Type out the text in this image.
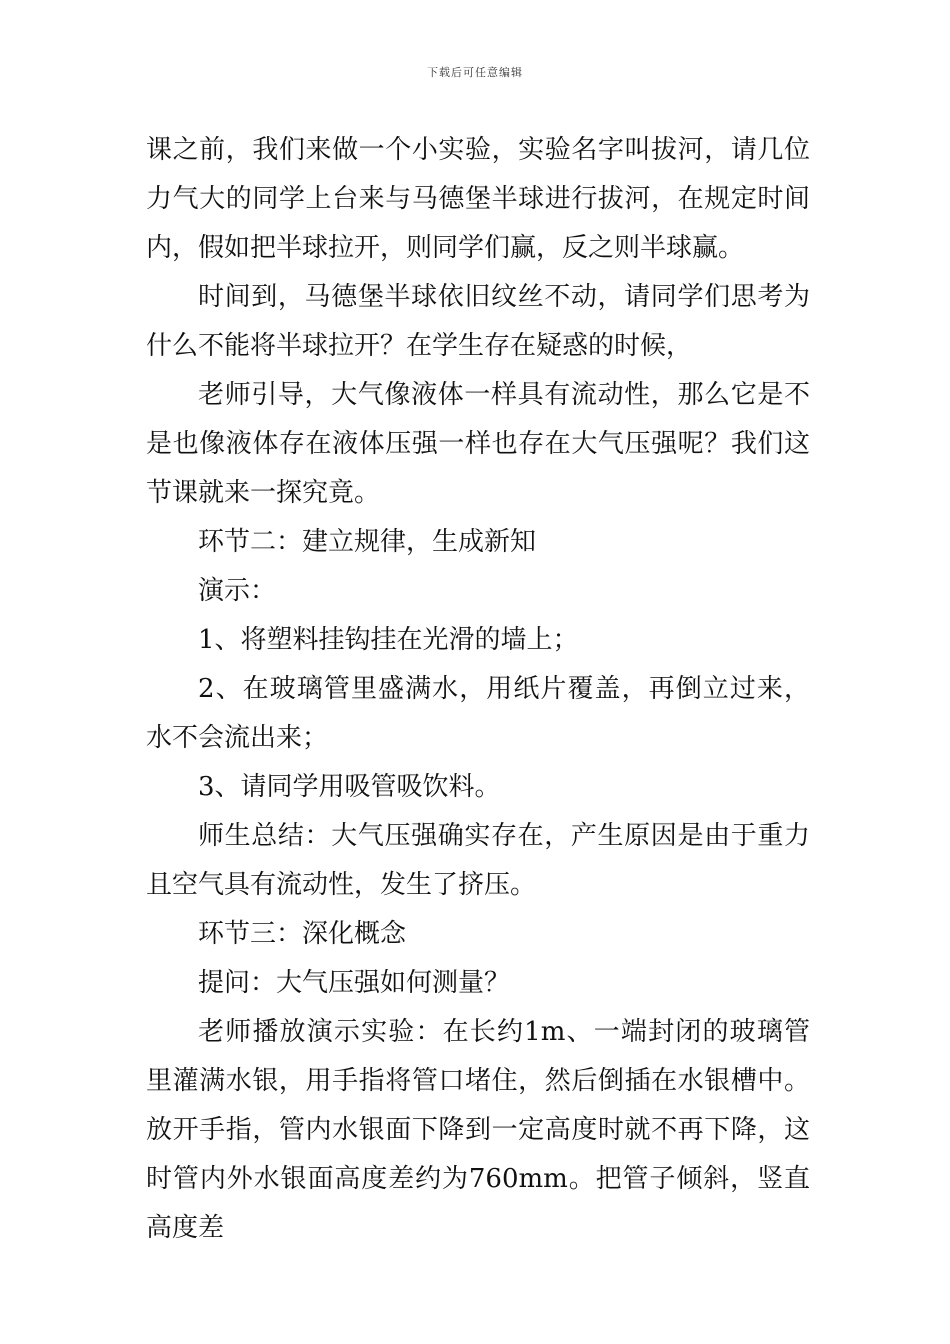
下载后可任意编辑

课之前，我们来做一个小实验，实验名字叫拔河，请几位力气大的同学上台来与马德堡半球进行拔河，在规定时间内，假如把半球拉开，则同学们赢，反之则半球赢。

时间到，马德堡半球依旧纹丝不动，请同学们思考为什么不能将半球拉开？在学生存在疑惑的时候，

老师引导，大气像液体一样具有流动性，那么它是不是也像液体存在液体压强一样也存在大气压强呢？我们这节课就来一探究竟。

环节二：建立规律，生成新知

演示：

1、将塑料挂钩挂在光滑的墙上；

2、在玻璃管里盛满水，用纸片覆盖，再倒立过来，水不会流出来；

3、请同学用吸管吸饮料。

师生总结：大气压强确实存在，产生原因是由于重力且空气具有流动性，发生了挤压。

环节三：深化概念

提问：大气压强如何测量？

老师播放演示实验：在长约1m、一端封闭的玻璃管里灌满水银，用手指将管口堵住，然后倒插在水银槽中。放开手指，管内水银面下降到一定高度时就不再下降，这时管内外水银面高度差约为760mm。把管子倾斜，竖直高度差
